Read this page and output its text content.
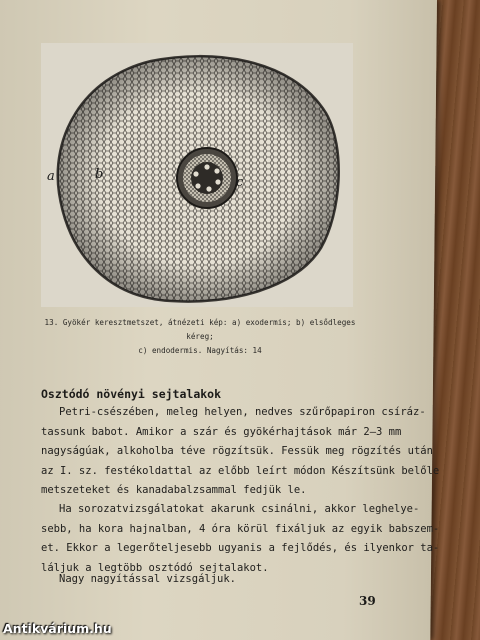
a	b
c
13. Gyökér keresztmetszet, átnézeti kép: a) exodermis; b) elsődleges kéreg;
c) endodermis. Nagyítás: 14
Osztódó növényi sejtalakok
Petri-csészében, meleg helyen, nedves szűrőpapiron csíráz-
tassunk babot. Amikor a szár és gyökérhajtások már 2–3 mm
nagyságúak, alkoholba téve rögzítsük. Fessük meg rögzítés után
az I. sz. festékoldattal az előbb leírt módon Készítsünk belőle
metszeteket és kanadabalzsammal fedjük le.
Ha sorozatvizsgálatokat akarunk csinálni, akkor leghelye-
sebb, ha kora hajnalban, 4 óra körül fixáljuk az egyik babszem-
et. Ekkor a legerőteljesebb ugyanis a fejlődés, és ilyenkor ta-
láljuk a legtöbb osztódó sejtalakot.
Nagy nagyítással vizsgáljuk.
39
Antikvárium.hu
